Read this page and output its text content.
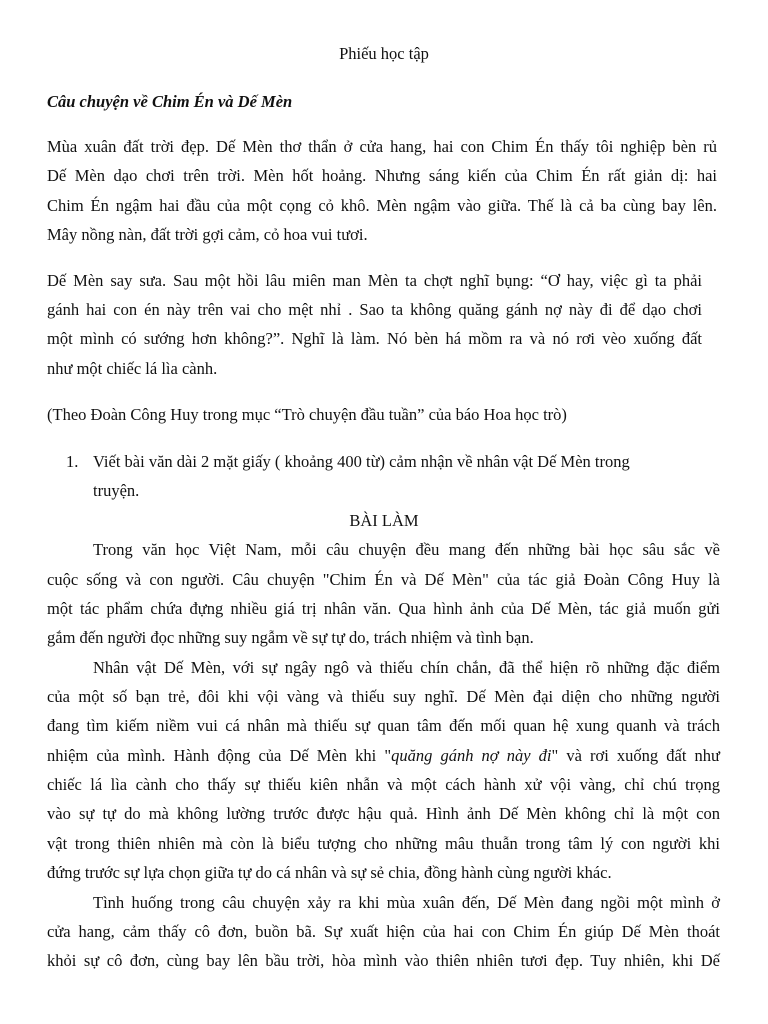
Phiếu học tập
Câu chuyện về Chim Én và Dế Mèn
Mùa xuân đất trời đẹp. Dế Mèn thơ thẩn ở cửa hang, hai con Chim Én thấy tôi nghiệp bèn rủ
Dế Mèn dạo chơi trên trời. Mèn hốt hoảng. Nhưng sáng kiến của Chim Én rất giản dị: hai
Chim Én ngậm hai đầu của một cọng cỏ khô. Mèn ngậm vào giữa. Thế là cả ba cùng bay lên.
Mây nồng nàn, đất trời gợi cảm, cỏ hoa vui tươi.
Dế Mèn say sưa. Sau một hồi lâu miên man Mèn ta chợt nghĩ bụng: “Ơ hay, việc gì ta phải
gánh hai con én này trên vai cho mệt nhỉ . Sao ta không quăng gánh nợ này đi để dạo chơi
một mình có sướng hơn không?”. Nghĩ là làm. Nó bèn há mồm ra và nó rơi vèo xuống đất
như một chiếc lá lìa cành.
(Theo Đoàn Công Huy trong mục “Trò chuyện đầu tuần” của báo Hoa học trò)
1. Viết bài văn dài 2 mặt giấy ( khoảng 400 từ) cảm nhận về nhân vật Dế Mèn trong
truyện.
BÀI LÀM
Trong văn học Việt Nam, mỗi câu chuyện đều mang đến những bài học sâu sắc về
cuộc sống và con người. Câu chuyện "Chim Én và Dế Mèn" của tác giả Đoàn Công Huy là
một tác phẩm chứa đựng nhiều giá trị nhân văn. Qua hình ảnh của Dế Mèn, tác giả muốn gửi
gắm đến người đọc những suy ngẫm về sự tự do, trách nhiệm và tình bạn.
Nhân vật Dế Mèn, với sự ngây ngô và thiếu chín chắn, đã thể hiện rõ những đặc điểm
của một số bạn trẻ, đôi khi vội vàng và thiếu suy nghĩ. Dế Mèn đại diện cho những người
đang tìm kiếm niềm vui cá nhân mà thiếu sự quan tâm đến mối quan hệ xung quanh và trách
nhiệm của mình. Hành động của Dế Mèn khi "quăng gánh nợ này đi" và rơi xuống đất như
chiếc lá lìa cành cho thấy sự thiếu kiên nhẫn và một cách hành xử vội vàng, chỉ chú trọng
vào sự tự do mà không lường trước được hậu quả. Hình ảnh Dế Mèn không chỉ là một con
vật trong thiên nhiên mà còn là biểu tượng cho những mâu thuẫn trong tâm lý con người khi
đứng trước sự lựa chọn giữa tự do cá nhân và sự sẻ chia, đồng hành cùng người khác.
Tình huống trong câu chuyện xảy ra khi mùa xuân đến, Dế Mèn đang ngồi một mình ở
cửa hang, cảm thấy cô đơn, buồn bã. Sự xuất hiện của hai con Chim Én giúp Dế Mèn thoát
khỏi sự cô đơn, cùng bay lên bầu trời, hòa mình vào thiên nhiên tươi đẹp. Tuy nhiên, khi Dế
